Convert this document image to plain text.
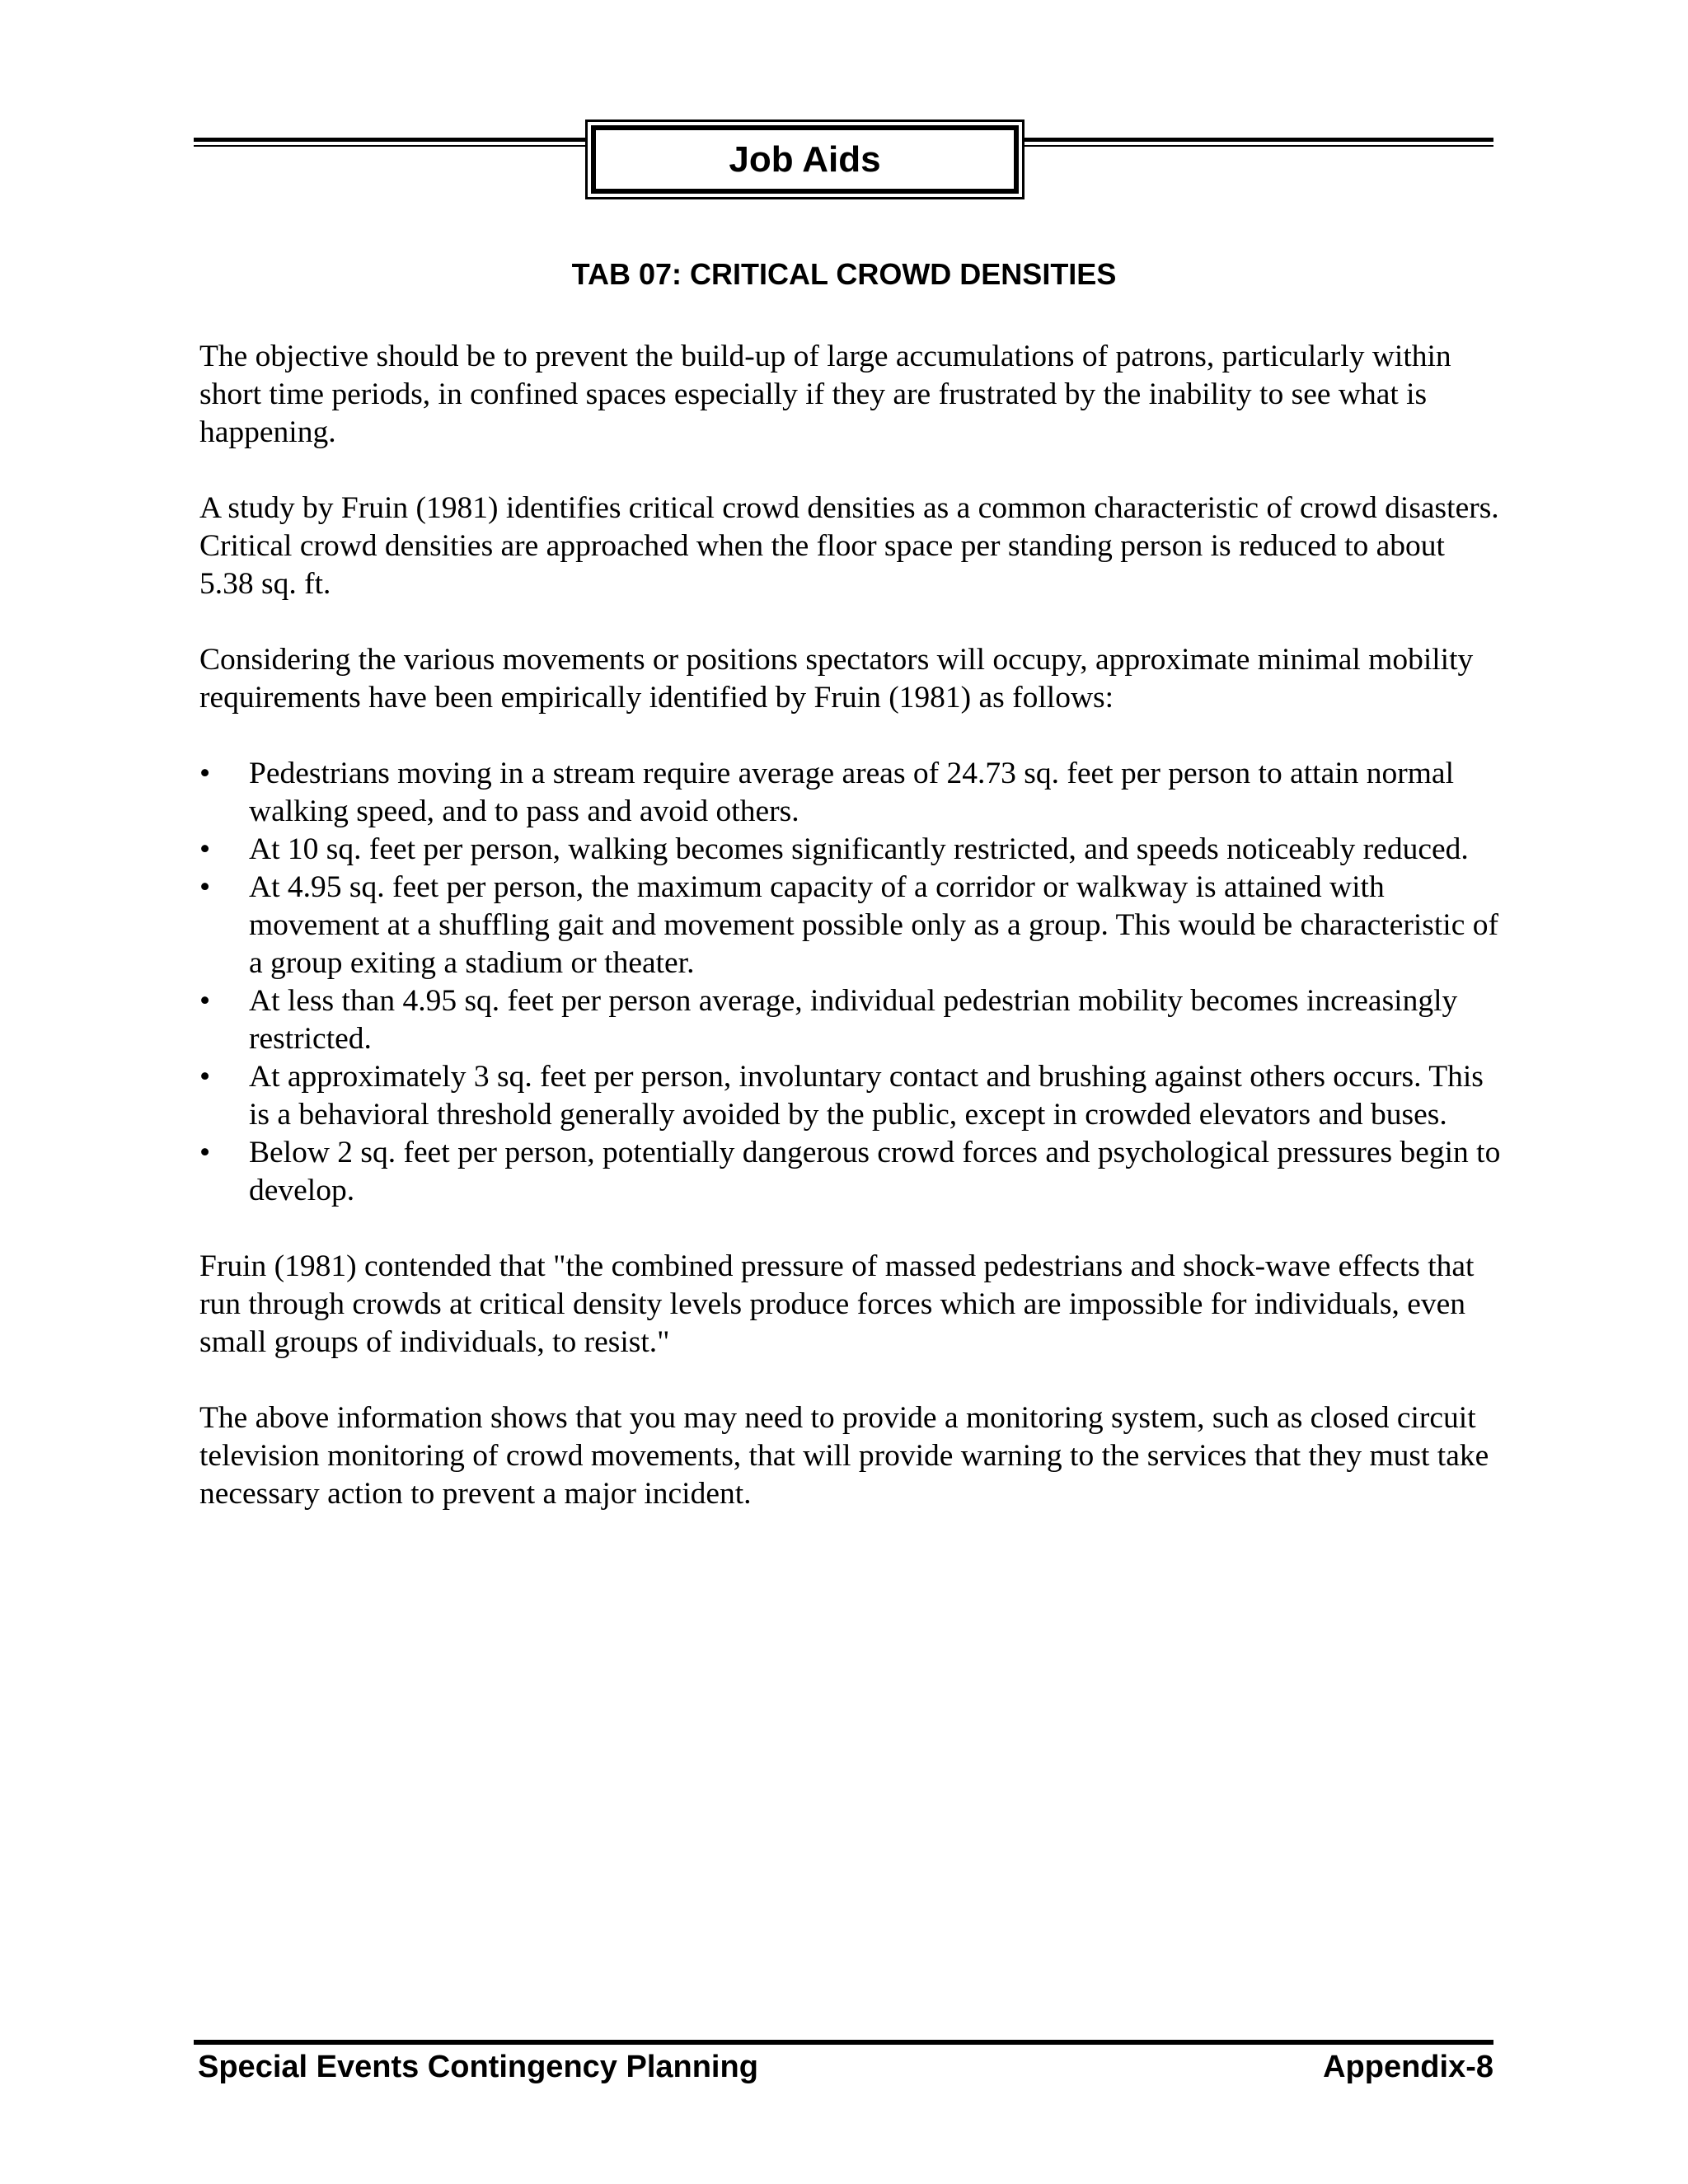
Job Aids
TAB 07: CRITICAL CROWD DENSITIES

The objective should be to prevent the build-up of large accumulations of patrons, particularly within short time periods, in confined spaces especially if they are frustrated by the inability to see what is happening.

A study by Fruin (1981) identifies critical crowd densities as a common characteristic of crowd disasters. Critical crowd densities are approached when the floor space per standing person is reduced to about 5.38 sq. ft.

Considering the various movements or positions spectators will occupy, approximate minimal mobility requirements have been empirically identified by Fruin (1981) as follows:

• Pedestrians moving in a stream require average areas of 24.73 sq. feet per person to attain normal walking speed, and to pass and avoid others.
• At 10 sq. feet per person, walking becomes significantly restricted, and speeds noticeably reduced.
• At 4.95 sq. feet per person, the maximum capacity of a corridor or walkway is attained with movement at a shuffling gait and movement possible only as a group. This would be characteristic of a group exiting a stadium or theater.
• At less than 4.95 sq. feet per person average, individual pedestrian mobility becomes increasingly restricted.
• At approximately 3 sq. feet per person, involuntary contact and brushing against others occurs. This is a behavioral threshold generally avoided by the public, except in crowded elevators and buses.
• Below 2 sq. feet per person, potentially dangerous crowd forces and psychological pressures begin to develop.

Fruin (1981) contended that "the combined pressure of massed pedestrians and shock-wave effects that run through crowds at critical density levels produce forces which are impossible for individuals, even small groups of individuals, to resist."

The above information shows that you may need to provide a monitoring system, such as closed circuit television monitoring of crowd movements, that will provide warning to the services that they must take necessary action to prevent a major incident.

Special Events Contingency Planning	Appendix-8
